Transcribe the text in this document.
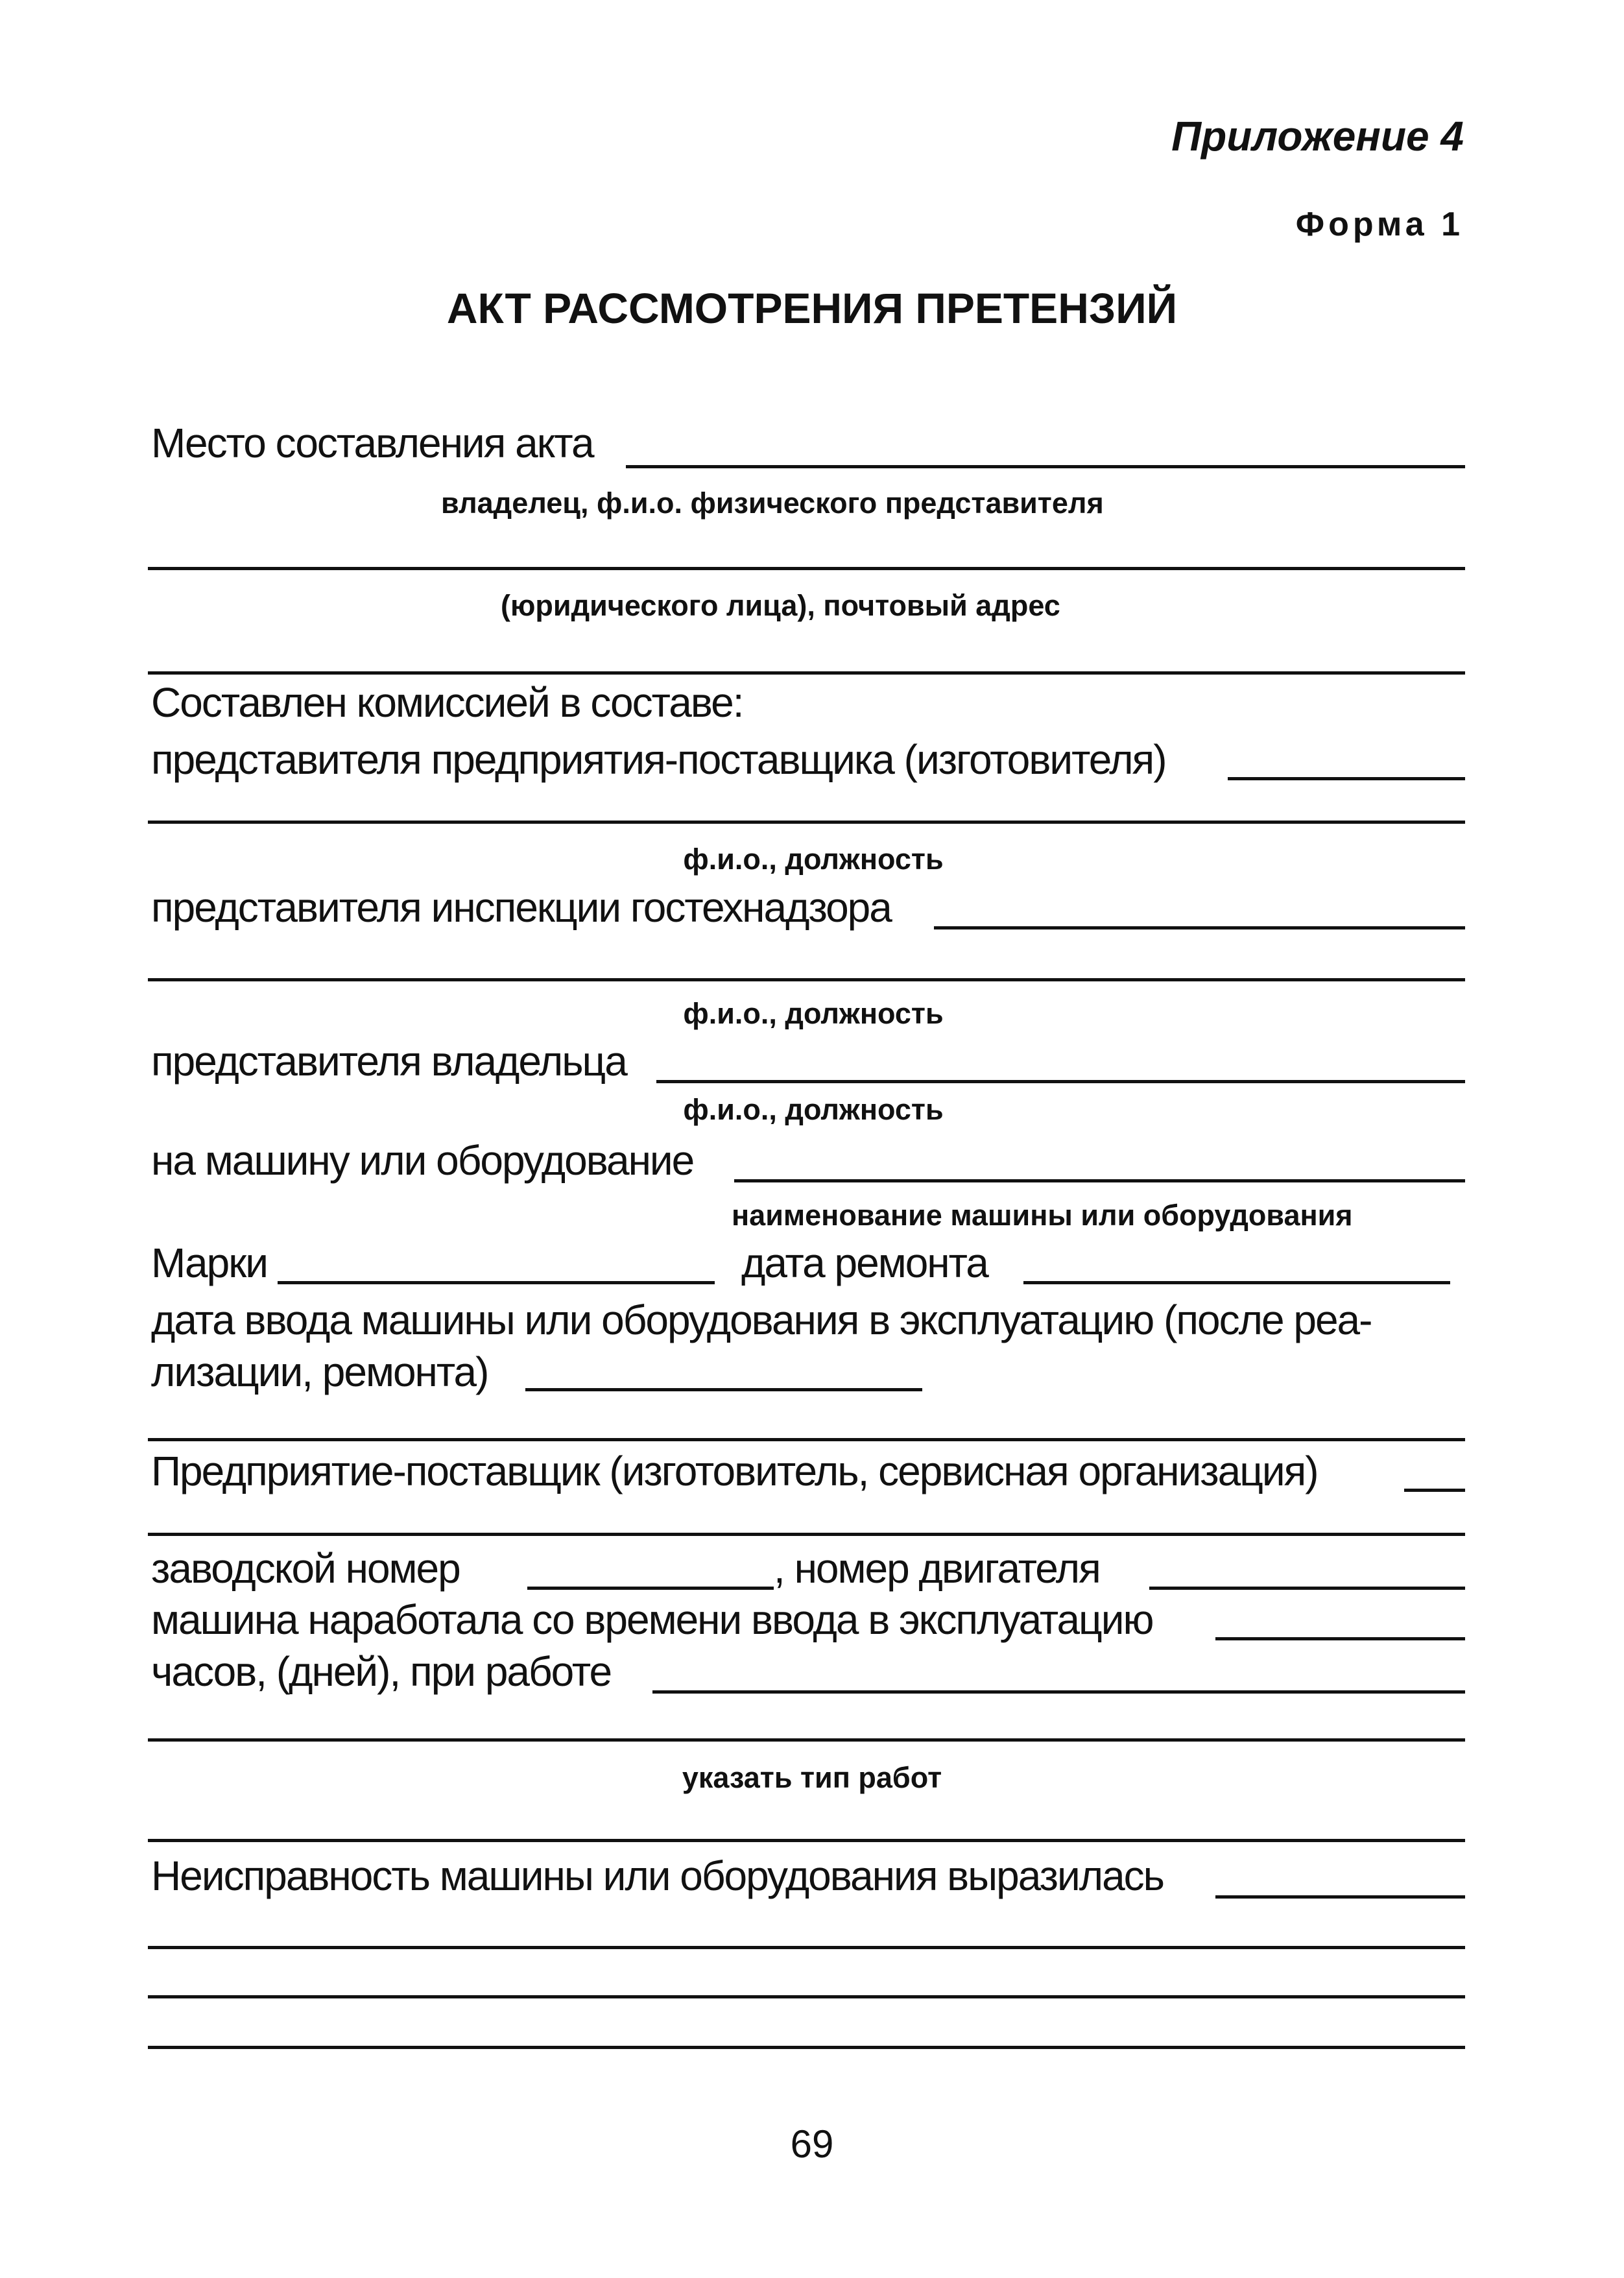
Приложение 4
Форма 1
АКТ РАССМОТРЕНИЯ ПРЕТЕНЗИЙ
Место составления акта
владелец, ф.и.о. физического представителя
(юридического лица), почтовый адрес
Составлен комиссией в составе:
представителя предприятия-поставщика (изготовителя)
ф.и.о., должность
представителя инспекции гостехнадзора
ф.и.о., должность
представителя владельца
ф.и.о., должность
на машину или оборудование
наименование машины или оборудования
Марки	дата ремонта
дата ввода машины или оборудования в эксплуатацию (после реа-
лизации, ремонта)
Предприятие-поставщик (изготовитель, сервисная организация)
заводской номер	, номер двигателя
машина наработала со времени ввода в эксплуатацию
часов, (дней), при работе
указать тип работ
Неисправность машины или оборудования выразилась
69
